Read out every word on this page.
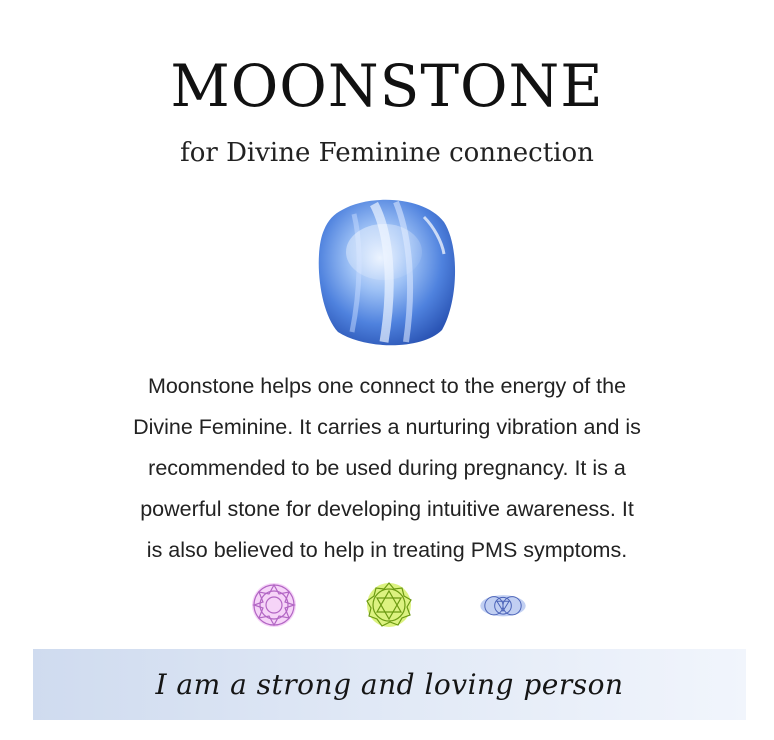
MOONSTONE
for Divine Feminine connection
Moonstone helps one connect to the energy of the
Divine Feminine. It carries a nurturing vibration and is
recommended to be used during pregnancy. It is a
powerful stone for developing intuitive awareness. It
is also believed to help in treating PMS symptoms.
I am a strong and loving person
